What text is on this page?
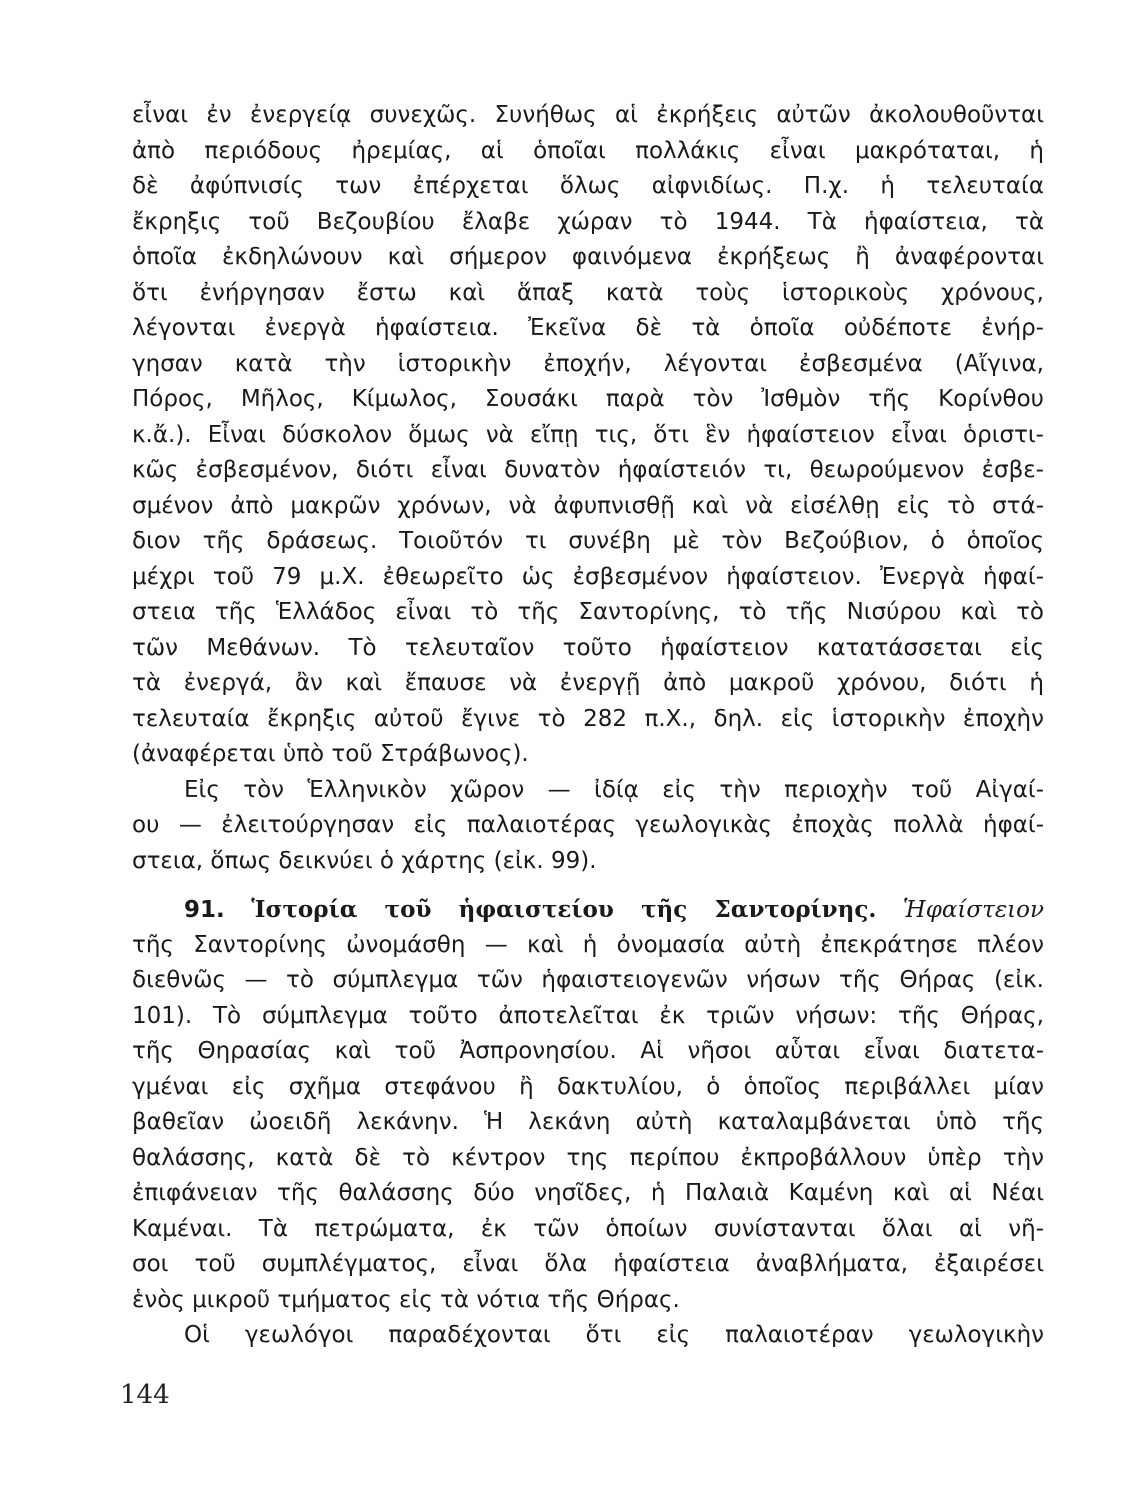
εἶναι ἐν ἐνεργείᾳ συνεχῶς. Συνήθως αἱ ἐκρήξεις αὐτῶν ἀκολουθοῦνται
ἀπὸ περιόδους ἠρεμίας, αἱ ὁποῖαι πολλάκις εἶναι μακρόταται, ἡ
δὲ ἀφύπνισίς των ἐπέρχεται ὅλως αἰφνιδίως. Π.χ. ἡ τελευταία
ἔκρηξις τοῦ Βεζουβίου ἔλαβε χώραν τὸ 1944. Τὰ ἡφαίστεια, τὰ
ὁποῖα ἐκδηλώνουν καὶ σήμερον φαινόμενα ἐκρήξεως ἢ ἀναφέρονται
ὅτι ἐνήργησαν ἔστω καὶ ἅπαξ κατὰ τοὺς ἱστορικοὺς χρόνους,
λέγονται ἐνεργὰ ἡφαίστεια. Ἐκεῖνα δὲ τὰ ὁποῖα οὐδέποτε ἐνήρ-
γησαν κατὰ τὴν ἱστορικὴν ἐποχήν, λέγονται ἐσβεσμένα (Αἴγινα,
Πόρος, Μῆλος, Κίμωλος, Σουσάκι παρὰ τὸν Ἰσθμὸν τῆς Κορίνθου
κ.ἄ.). Εἶναι δύσκολον ὅμως νὰ εἴπῃ τις, ὅτι ἓν ἡφαίστειον εἶναι ὁριστι-
κῶς ἐσβεσμένον, διότι εἶναι δυνατὸν ἡφαίστειόν τι, θεωρούμενον ἐσβε-
σμένον ἀπὸ μακρῶν χρόνων, νὰ ἀφυπνισθῇ καὶ νὰ εἰσέλθῃ εἰς τὸ στά-
διον τῆς δράσεως. Τοιοῦτόν τι συνέβη μὲ τὸν Βεζούβιον, ὁ ὁποῖος
μέχρι τοῦ 79 μ.Χ. ἐθεωρεῖτο ὡς ἐσβεσμένον ἡφαίστειον. Ἐνεργὰ ἡφαί-
στεια τῆς Ἑλλάδος εἶναι τὸ τῆς Σαντορίνης, τὸ τῆς Νισύρου καὶ τὸ
τῶν Μεθάνων. Τὸ τελευταῖον τοῦτο ἡφαίστειον κατατάσσεται εἰς
τὰ ἐνεργά, ἂν καὶ ἔπαυσε νὰ ἐνεργῇ ἀπὸ μακροῦ χρόνου, διότι ἡ
τελευταία ἔκρηξις αὐτοῦ ἔγινε τὸ 282 π.Χ., δηλ. εἰς ἱστορικὴν ἐποχὴν
(ἀναφέρεται ὑπὸ τοῦ Στράβωνος).
Εἰς τὸν Ἑλληνικὸν χῶρον — ἰδίᾳ εἰς τὴν περιοχὴν τοῦ Αἰγαί-
ου — ἐλειτούργησαν εἰς παλαιοτέρας γεωλογικὰς ἐποχὰς πολλὰ ἡφαί-
στεια, ὅπως δεικνύει ὁ χάρτης (εἰκ. 99).
91. Ἱστορία τοῦ ἡφαιστείου τῆς Σαντορίνης. Ἡφαίστειον
τῆς Σαντορίνης ὠνομάσθη — καὶ ἡ ὀνομασία αὐτὴ ἐπεκράτησε πλέον
διεθνῶς — τὸ σύμπλεγμα τῶν ἡφαιστειογενῶν νήσων τῆς Θήρας (εἰκ.
101). Τὸ σύμπλεγμα τοῦτο ἀποτελεῖται ἐκ τριῶν νήσων: τῆς Θήρας,
τῆς Θηρασίας καὶ τοῦ Ἀσπρονησίου. Αἱ νῆσοι αὗται εἶναι διατετα-
γμέναι εἰς σχῆμα στεφάνου ἢ δακτυλίου, ὁ ὁποῖος περιβάλλει μίαν
βαθεῖαν ὠοειδῆ λεκάνην. Ἡ λεκάνη αὐτὴ καταλαμβάνεται ὑπὸ τῆς
θαλάσσης, κατὰ δὲ τὸ κέντρον της περίπου ἐκπροβάλλουν ὑπὲρ τὴν
ἐπιφάνειαν τῆς θαλάσσης δύο νησῖδες, ἡ Παλαιὰ Καμένη καὶ αἱ Νέαι
Καμέναι. Τὰ πετρώματα, ἐκ τῶν ὁποίων συνίστανται ὅλαι αἱ νῆ-
σοι τοῦ συμπλέγματος, εἶναι ὅλα ἡφαίστεια ἀναβλήματα, ἐξαιρέσει
ἑνὸς μικροῦ τμήματος εἰς τὰ νότια τῆς Θήρας.
Οἱ γεωλόγοι παραδέχονται ὅτι εἰς παλαιοτέραν γεωλογικὴν
144
